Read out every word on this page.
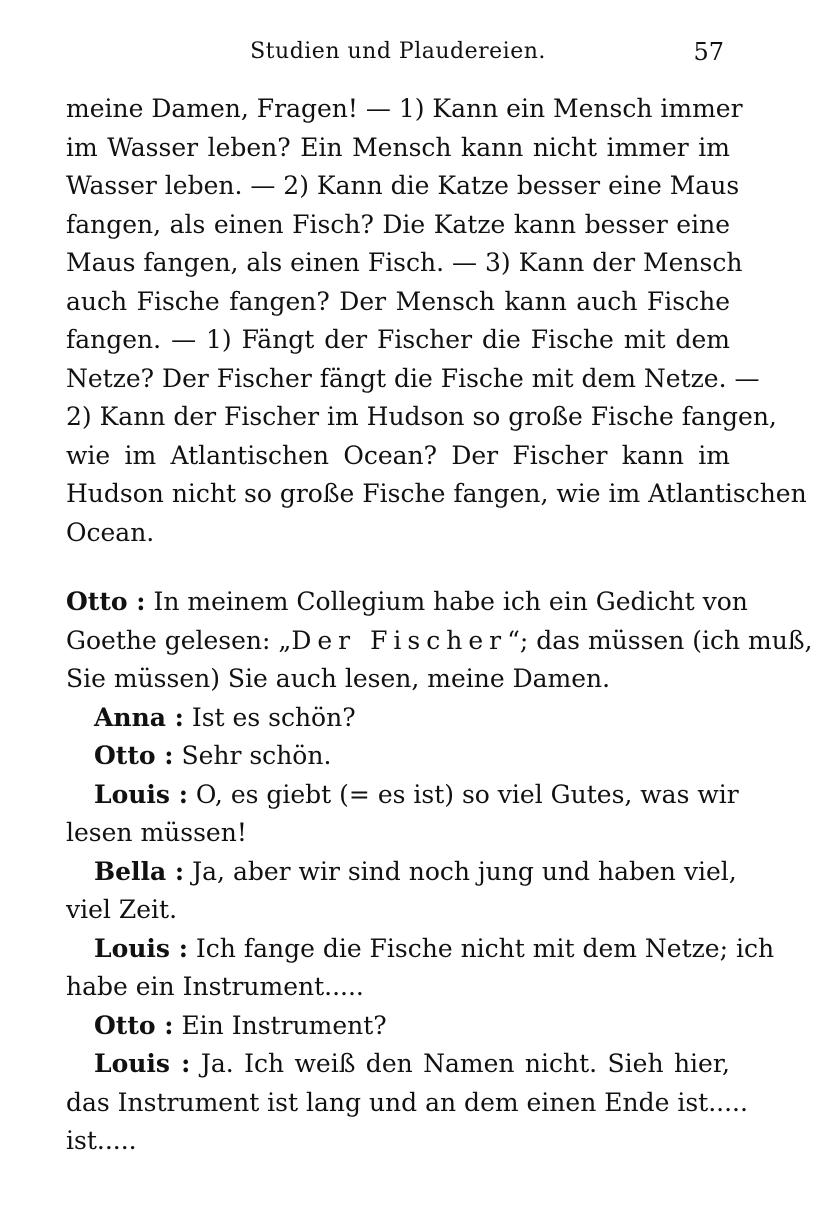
Studien und Plaudereien.	57
meine Damen, Fragen! — 1) Kann ein Mensch immer
im Wasser leben? Ein Mensch kann nicht immer im
Wasser leben. — 2) Kann die Katze besser eine Maus
fangen, als einen Fisch? Die Katze kann besser eine
Maus fangen, als einen Fisch. — 3) Kann der Mensch
auch Fische fangen? Der Mensch kann auch Fische
fangen. — 1) Fängt der Fischer die Fische mit dem
Netze? Der Fischer fängt die Fische mit dem Netze. —
2) Kann der Fischer im Hudson so große Fische fangen,
wie im Atlantischen Ocean? Der Fischer kann im
Hudson nicht so große Fische fangen, wie im Atlantischen
Ocean.
Otto : In meinem Collegium habe ich ein Gedicht von
Goethe gelesen: „Der Fischer“; das müssen (ich muß,
Sie müssen) Sie auch lesen, meine Damen.
Anna : Ist es schön?
Otto : Sehr schön.
Louis : O, es giebt (= es ist) so viel Gutes, was wir
lesen müssen!
Bella : Ja, aber wir sind noch jung und haben viel,
viel Zeit.
Louis : Ich fange die Fische nicht mit dem Netze; ich
habe ein Instrument.....
Otto : Ein Instrument?
Louis : Ja. Ich weiß den Namen nicht. Sieh hier,
das Instrument ist lang und an dem einen Ende ist.....
ist.....
